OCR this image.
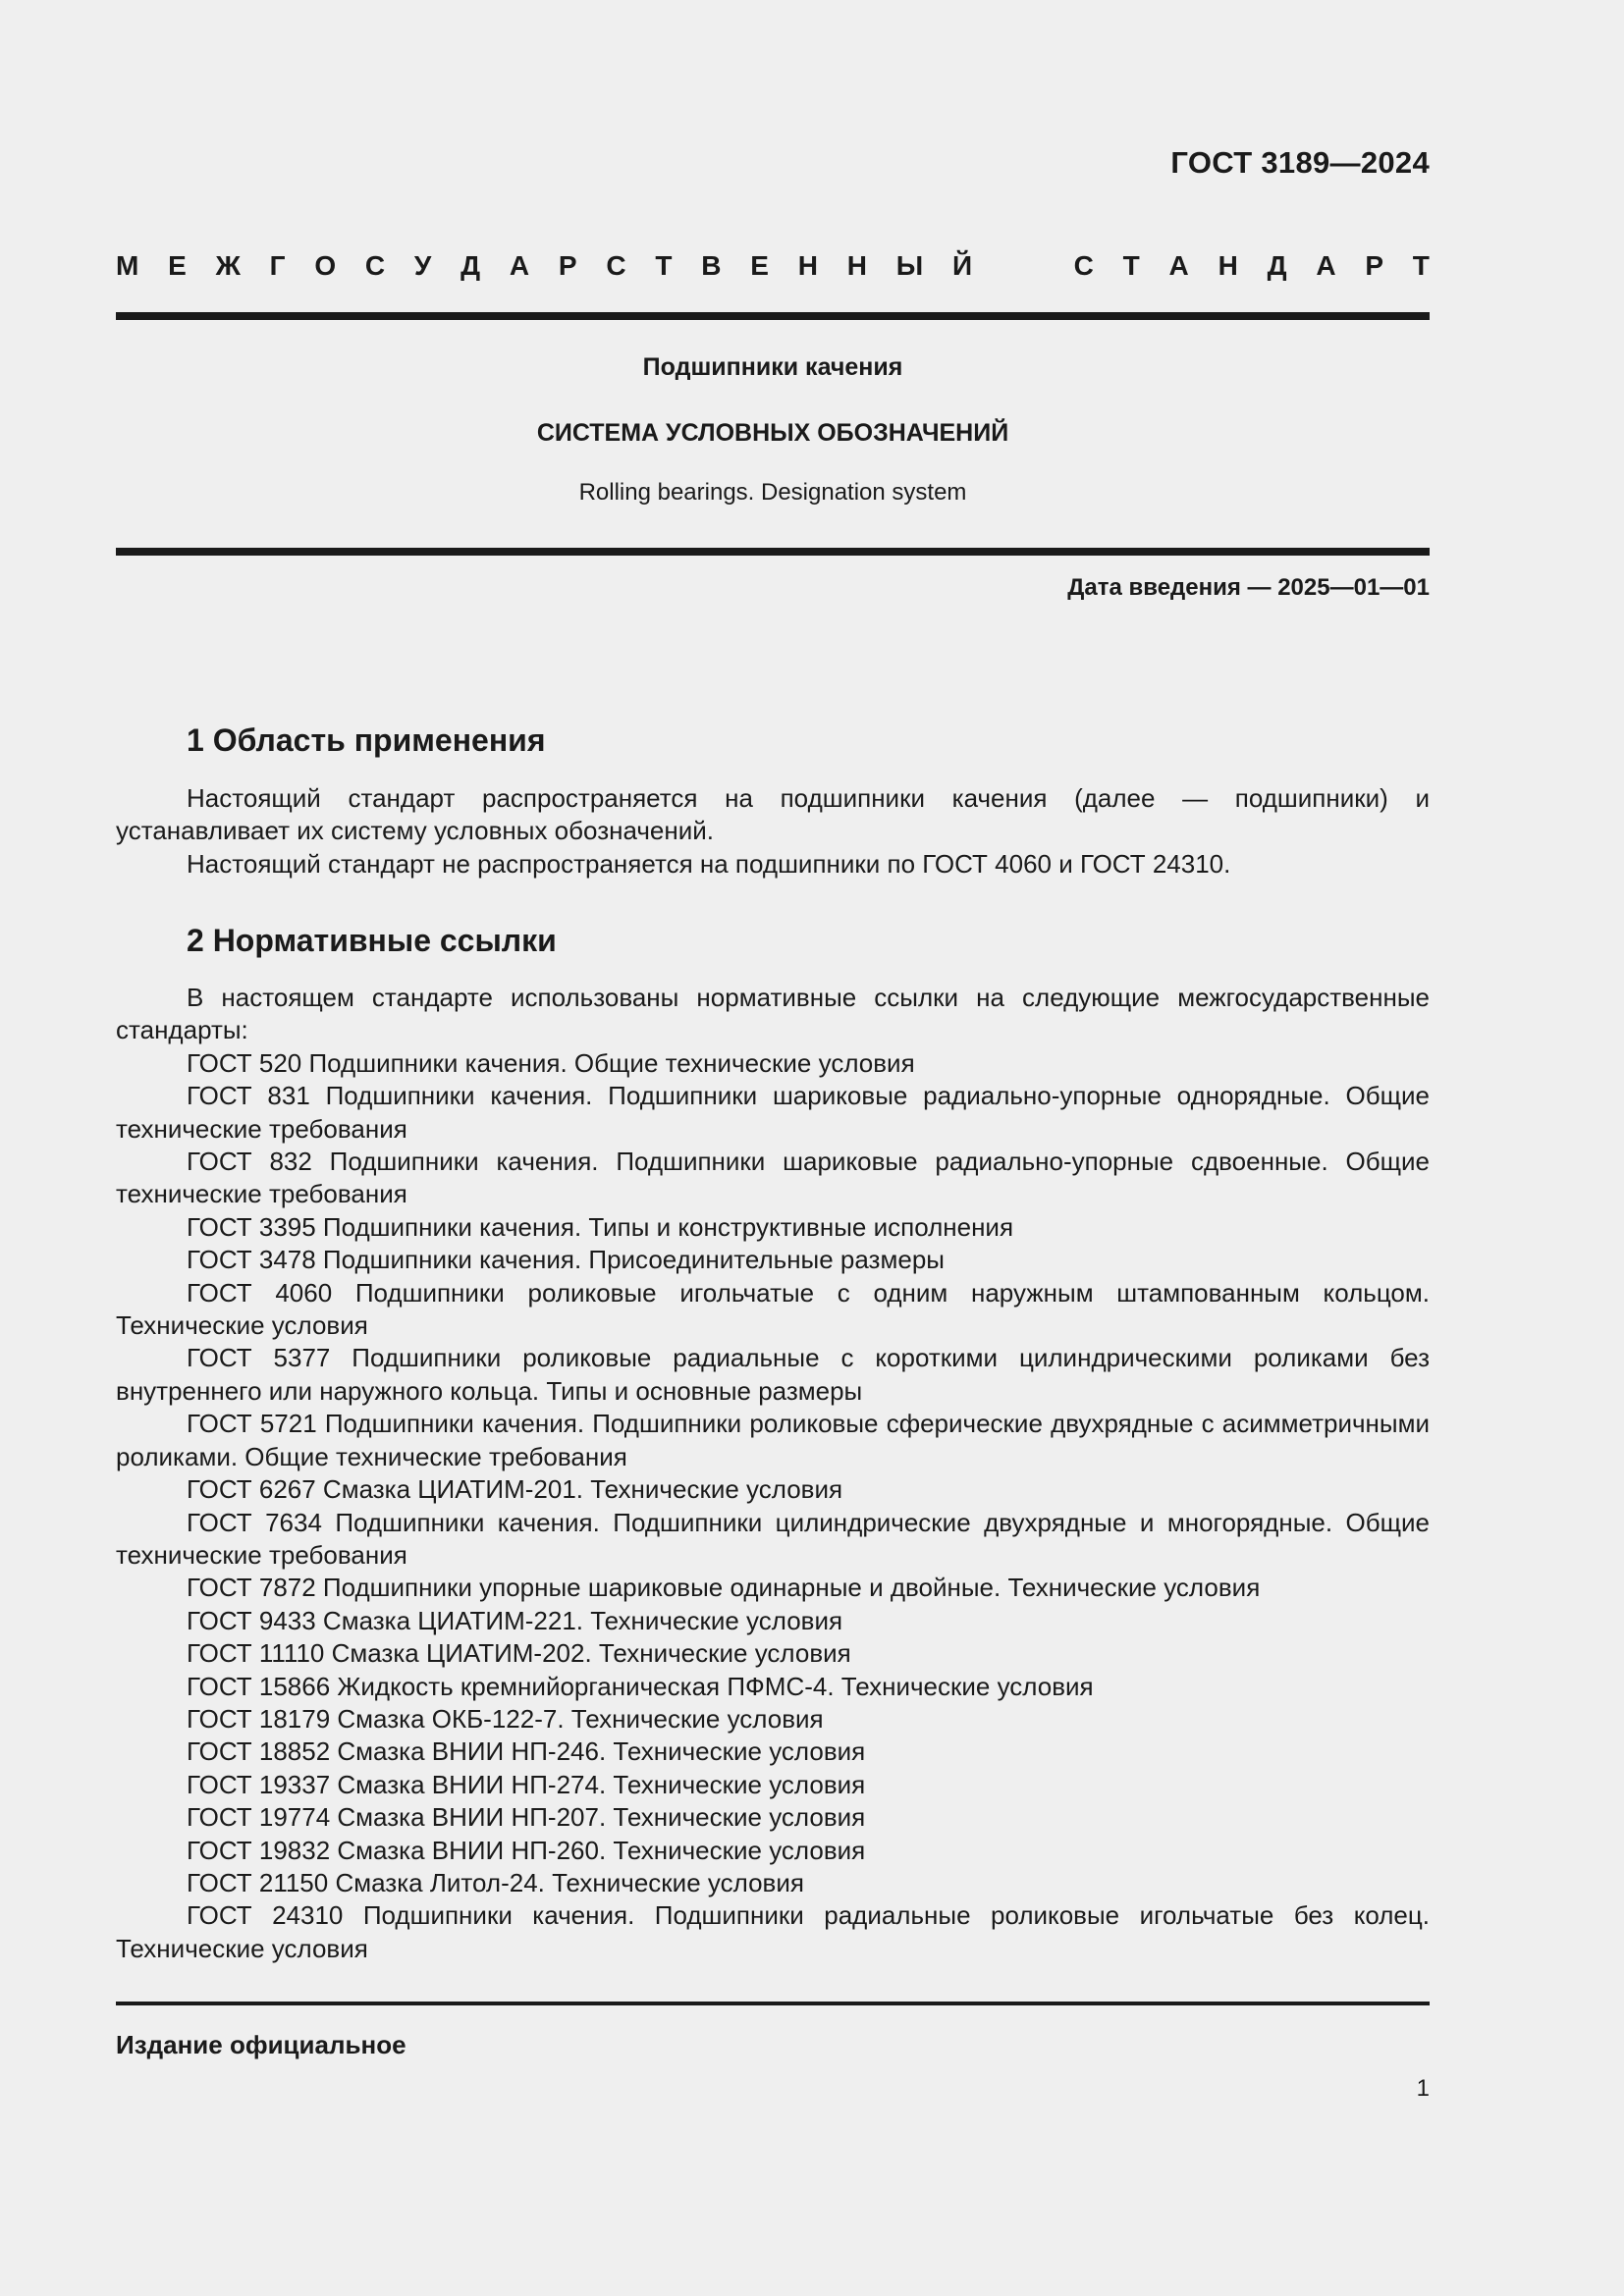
ГОСТ 3189—2024
М Е Ж Г О С У Д А Р С Т В Е Н Н Ы Й	С Т А Н Д А Р Т
Подшипники качения
СИСТЕМА УСЛОВНЫХ ОБОЗНАЧЕНИЙ
Rolling bearings. Designation system
Дата введения — 2025—01—01
1 Область применения

Настоящий стандарт распространяется на подшипники качения (далее — подшипники) и устанавливает их систему условных обозначений.

Настоящий стандарт не распространяется на подшипники по ГОСТ 4060 и ГОСТ 24310.

2 Нормативные ссылки

В настоящем стандарте использованы нормативные ссылки на следующие межгосударственные стандарты:

ГОСТ 520 Подшипники качения. Общие технические условия

ГОСТ 831 Подшипники качения. Подшипники шариковые радиально-упорные однорядные. Общие технические требования

ГОСТ 832 Подшипники качения. Подшипники шариковые радиально-упорные сдвоенные. Общие технические требования

ГОСТ 3395 Подшипники качения. Типы и конструктивные исполнения

ГОСТ 3478 Подшипники качения. Присоединительные размеры

ГОСТ 4060 Подшипники роликовые игольчатые с одним наружным штампованным кольцом. Технические условия

ГОСТ 5377 Подшипники роликовые радиальные с короткими цилиндрическими роликами без внутреннего или наружного кольца. Типы и основные размеры

ГОСТ 5721 Подшипники качения. Подшипники роликовые сферические двухрядные с асимметричными роликами. Общие технические требования

ГОСТ 6267 Смазка ЦИАТИМ-201. Технические условия

ГОСТ 7634 Подшипники качения. Подшипники цилиндрические двухрядные и многорядные. Общие технические требования

ГОСТ 7872 Подшипники упорные шариковые одинарные и двойные. Технические условия

ГОСТ 9433 Смазка ЦИАТИМ-221. Технические условия

ГОСТ 11110 Смазка ЦИАТИМ-202. Технические условия

ГОСТ 15866 Жидкость кремнийорганическая ПФМС-4. Технические условия

ГОСТ 18179 Смазка ОКБ-122-7. Технические условия

ГОСТ 18852 Смазка ВНИИ НП-246. Технические условия

ГОСТ 19337 Смазка ВНИИ НП-274. Технические условия

ГОСТ 19774 Смазка ВНИИ НП-207. Технические условия

ГОСТ 19832 Смазка ВНИИ НП-260. Технические условия

ГОСТ 21150 Смазка Литол-24. Технические условия

ГОСТ 24310 Подшипники качения. Подшипники радиальные роликовые игольчатые без колец. Технические условия

Издание официальное
1
